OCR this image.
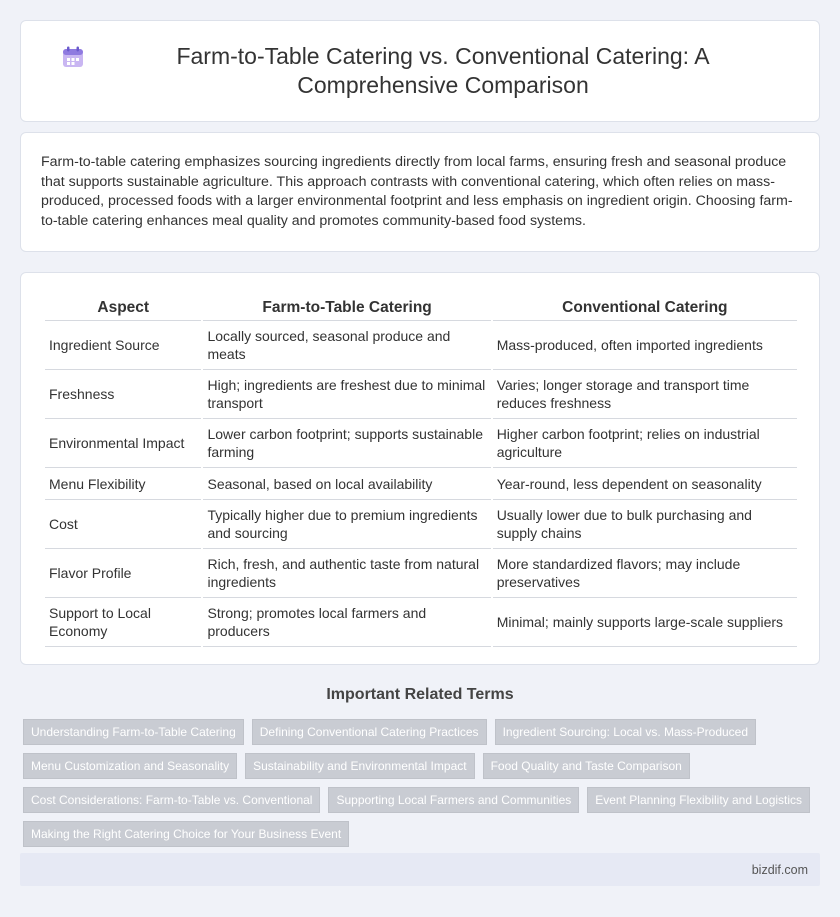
Farm-to-Table Catering vs. Conventional Catering: A Comprehensive Comparison

Farm-to-table catering emphasizes sourcing ingredients directly from local farms, ensuring fresh and seasonal produce that supports sustainable agriculture. This approach contrasts with conventional catering, which often relies on mass-produced, processed foods with a larger environmental footprint and less emphasis on ingredient origin. Choosing farm-to-table catering enhances meal quality and promotes community-based food systems.

Aspect	Farm-to-Table Catering	Conventional Catering
Ingredient Source	Locally sourced, seasonal produce and meats	Mass-produced, often imported ingredients
Freshness	High; ingredients are freshest due to minimal transport	Varies; longer storage and transport time reduces freshness
Environmental Impact	Lower carbon footprint; supports sustainable farming	Higher carbon footprint; relies on industrial agriculture
Menu Flexibility	Seasonal, based on local availability	Year-round, less dependent on seasonality
Cost	Typically higher due to premium ingredients and sourcing	Usually lower due to bulk purchasing and supply chains
Flavor Profile	Rich, fresh, and authentic taste from natural ingredients	More standardized flavors; may include preservatives
Support to Local Economy	Strong; promotes local farmers and producers	Minimal; mainly supports large-scale suppliers
Important Related Terms
Understanding Farm-to-Table Catering	Defining Conventional Catering Practices	Ingredient Sourcing: Local vs. Mass-Produced
Menu Customization and Seasonality	Sustainability and Environmental Impact	Food Quality and Taste Comparison
Cost Considerations: Farm-to-Table vs. Conventional	Supporting Local Farmers and Communities	Event Planning Flexibility and Logistics
Making the Right Catering Choice for Your Business Event
bizdif.com
